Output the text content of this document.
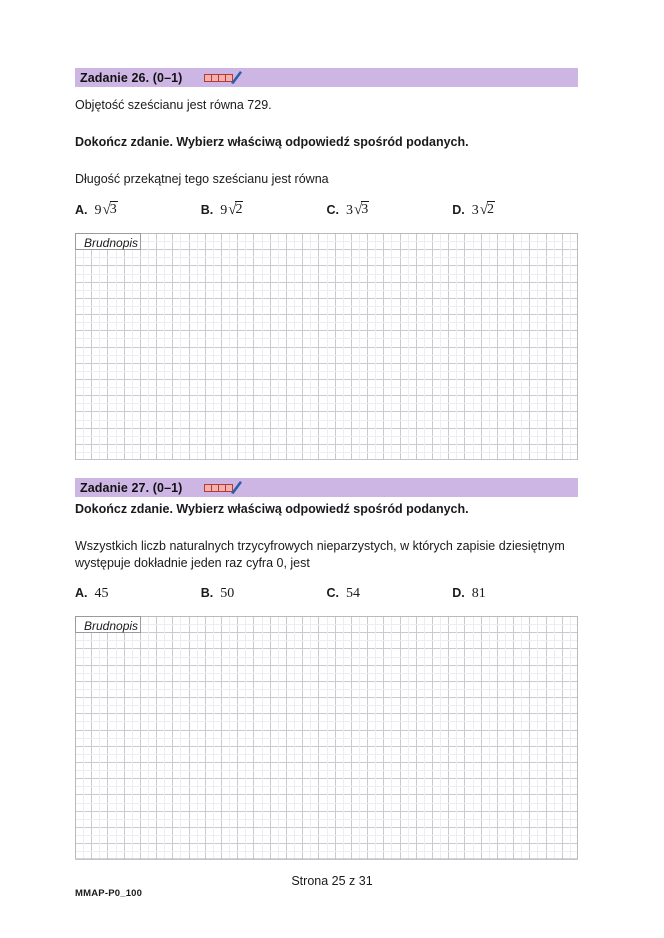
Zadanie 26. (0–1)
Objętość sześcianu jest równa 729.
Dokończ zdanie. Wybierz właściwą odpowiedź spośród podanych.
Długość przekątnej tego sześcianu jest równa
A. 9√3	B. 9√2	C. 3√3	D. 3√2
Brudnopis
Zadanie 27. (0–1)
Dokończ zdanie. Wybierz właściwą odpowiedź spośród podanych.
Wszystkich liczb naturalnych trzycyfrowych nieparzystych, w których zapisie dziesiętnym
występuje dokładnie jeden raz cyfra 0, jest
A. 45	B. 50	C. 54	D. 81
Brudnopis
Strona 25 z 31
MMAP-P0_100
